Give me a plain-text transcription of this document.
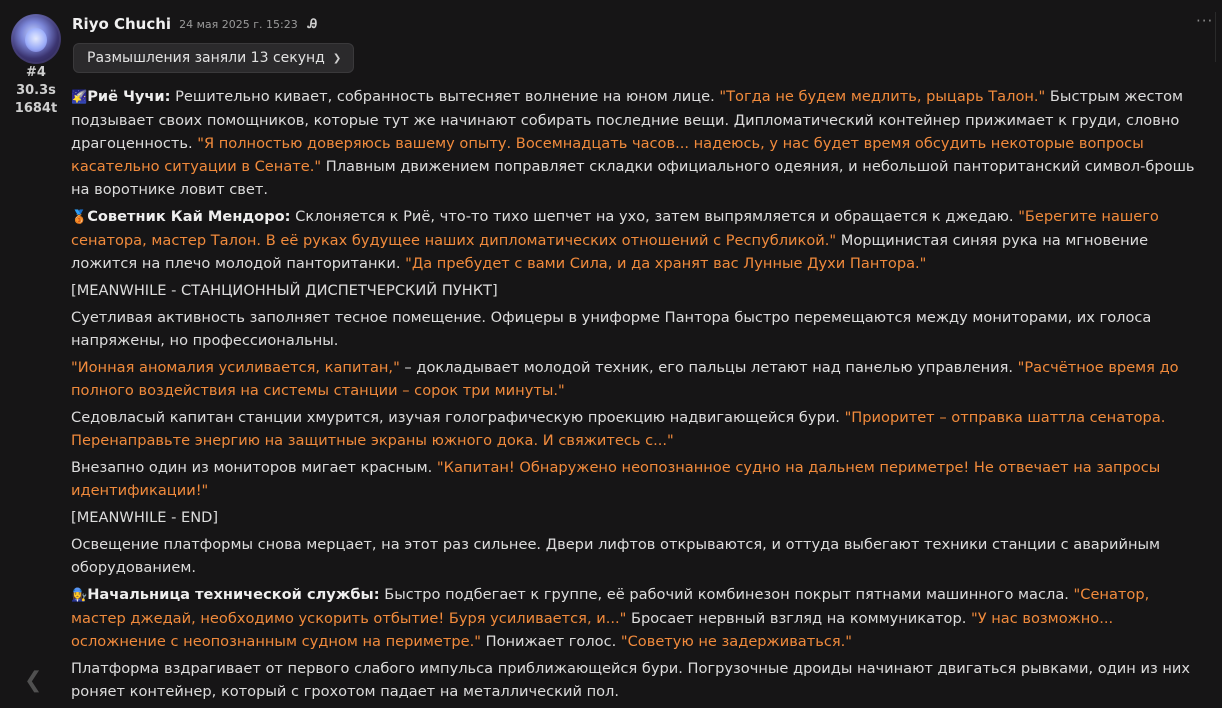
#4
30.3s
1684t
Riyo Chuchi 24 мая 2025 г. 15:23 Ꭿ	···
Размышления заняли 13 секунд ❯

🌠Риё Чучи: Решительно кивает, собранность вытесняет волнение на юном лице. "Тогда не будем медлить, рыцарь Талон." Быстрым жестом подзывает своих помощников, которые тут же начинают собирать последние вещи. Дипломатический контейнер прижимает к груди, словно драгоценность. "Я полностью доверяюсь вашему опыту. Восемнадцать часов... надеюсь, у нас будет время обсудить некоторые вопросы касательно ситуации в Сенате." Плавным движением поправляет складки официального одеяния, и небольшой пантоританский символ-брошь на воротнике ловит свет.

🥉Советник Кай Мендоро: Склоняется к Риё, что-то тихо шепчет на ухо, затем выпрямляется и обращается к джедаю. "Берегите нашего сенатора, мастер Талон. В её руках будущее наших дипломатических отношений с Республикой." Морщинистая синяя рука на мгновение ложится на плечо молодой пантоританки. "Да пребудет с вами Сила, и да хранят вас Лунные Духи Пантора."

[MEANWHILE - СТАНЦИОННЫЙ ДИСПЕТЧЕРСКИЙ ПУНКТ]

Суетливая активность заполняет тесное помещение. Офицеры в униформе Пантора быстро перемещаются между мониторами, их голоса напряжены, но профессиональны.

"Ионная аномалия усиливается, капитан," – докладывает молодой техник, его пальцы летают над панелью управления. "Расчётное время до полного воздействия на системы станции – сорок три минуты."

Седовласый капитан станции хмурится, изучая голографическую проекцию надвигающейся бури. "Приоритет – отправка шаттла сенатора. Перенаправьте энергию на защитные экраны южного дока. И свяжитесь с..."

Внезапно один из мониторов мигает красным. "Капитан! Обнаружено неопознанное судно на дальнем периметре! Не отвечает на запросы идентификации!"

[MEANWHILE - END]

Освещение платформы снова мерцает, на этот раз сильнее. Двери лифтов открываются, и оттуда выбегают техники станции с аварийным оборудованием.

👩‍🔧Начальница технической службы: Быстро подбегает к группе, её рабочий комбинезон покрыт пятнами машинного масла. "Сенатор, мастер джедай, необходимо ускорить отбытие! Буря усиливается, и..." Бросает нервный взгляд на коммуникатор. "У нас возможно... осложнение с неопознанным судном на периметре." Понижает голос. "Советую не задерживаться."

Платформа вздрагивает от первого слабого импульса приближающейся бури. Погрузочные дроиды начинают двигаться рывками, один из них роняет контейнер, который с грохотом падает на металлический пол.

❮
